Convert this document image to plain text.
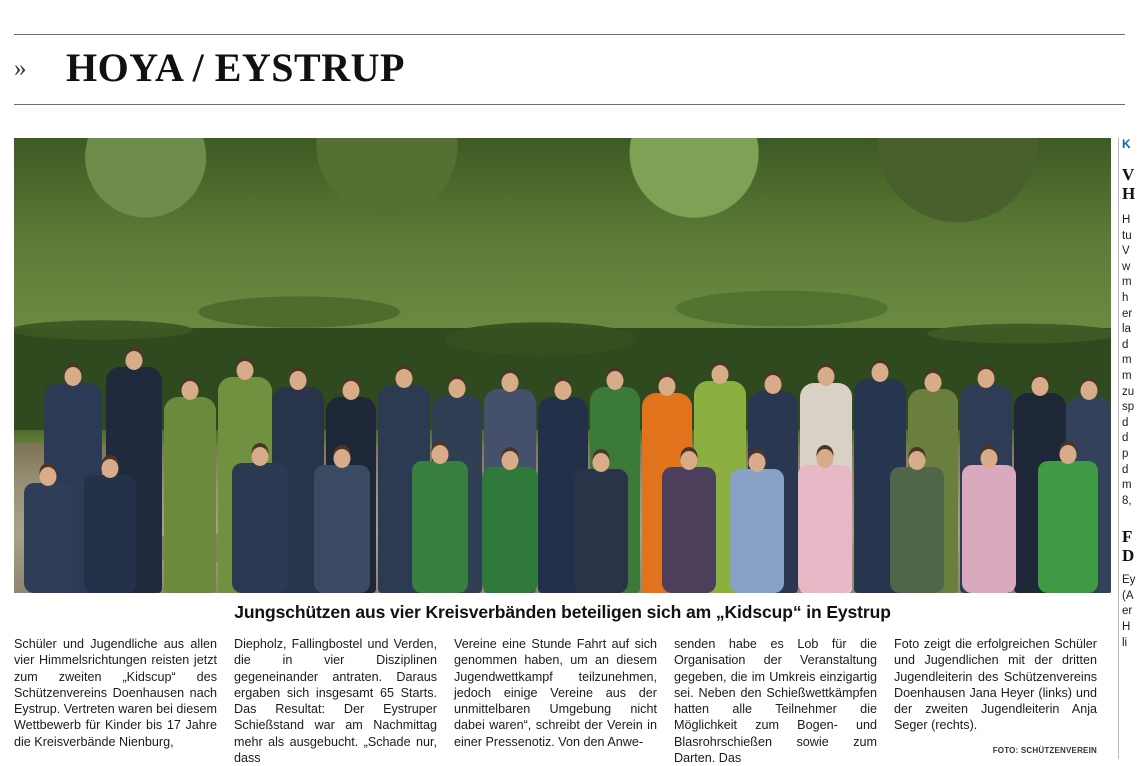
» HOYA / EYSTRUP
Jungschützen aus vier Kreisverbänden beteiligen sich am „Kidscup“ in Eystrup

Schüler und Jugendliche aus allen vier Himmelsrichtungen reisten jetzt zum zweiten „Kidscup“ des Schützenvereins Doenhausen nach Eystrup. Vertreten waren bei diesem Wettbewerb für Kinder bis 17 Jahre die Kreisverbände Nienburg,

Diepholz, Fallingbostel und Verden, die in vier Disziplinen gegeneinander antraten. Daraus ergaben sich insgesamt 65 Starts. Das Resultat: Der Eystruper Schießstand war am Nachmittag mehr als ausgebucht. „Schade nur, dass

Vereine eine Stunde Fahrt auf sich genommen haben, um an diesem Jugendwettkampf teilzunehmen, jedoch einige Vereine aus der unmittelbaren Umgebung nicht dabei waren“, schreibt der Verein in einer Pressenotiz. Von den Anwe-

senden habe es Lob für die Organisation der Veranstaltung gegeben, die im Umkreis einzigartig sei. Neben den Schießwettkämpfen hatten alle Teilnehmer die Möglichkeit zum Bogen- und Blasrohrschießen sowie zum Darten. Das

Foto zeigt die erfolgreichen Schüler und Jugendlichen mit der dritten Jugendleiterin des Schützenvereins Doenhausen Jana Heyer (links) und der zweiten Jugendleiterin Anja Seger (rechts).

FOTO: SCHÜTZENVEREIN
K
V
H
H
tu
V
w
m
h
er
la
d
m
m
zu
sp
d
d
p
d
m
8,
F
D
Ey
(A
er
H
li
